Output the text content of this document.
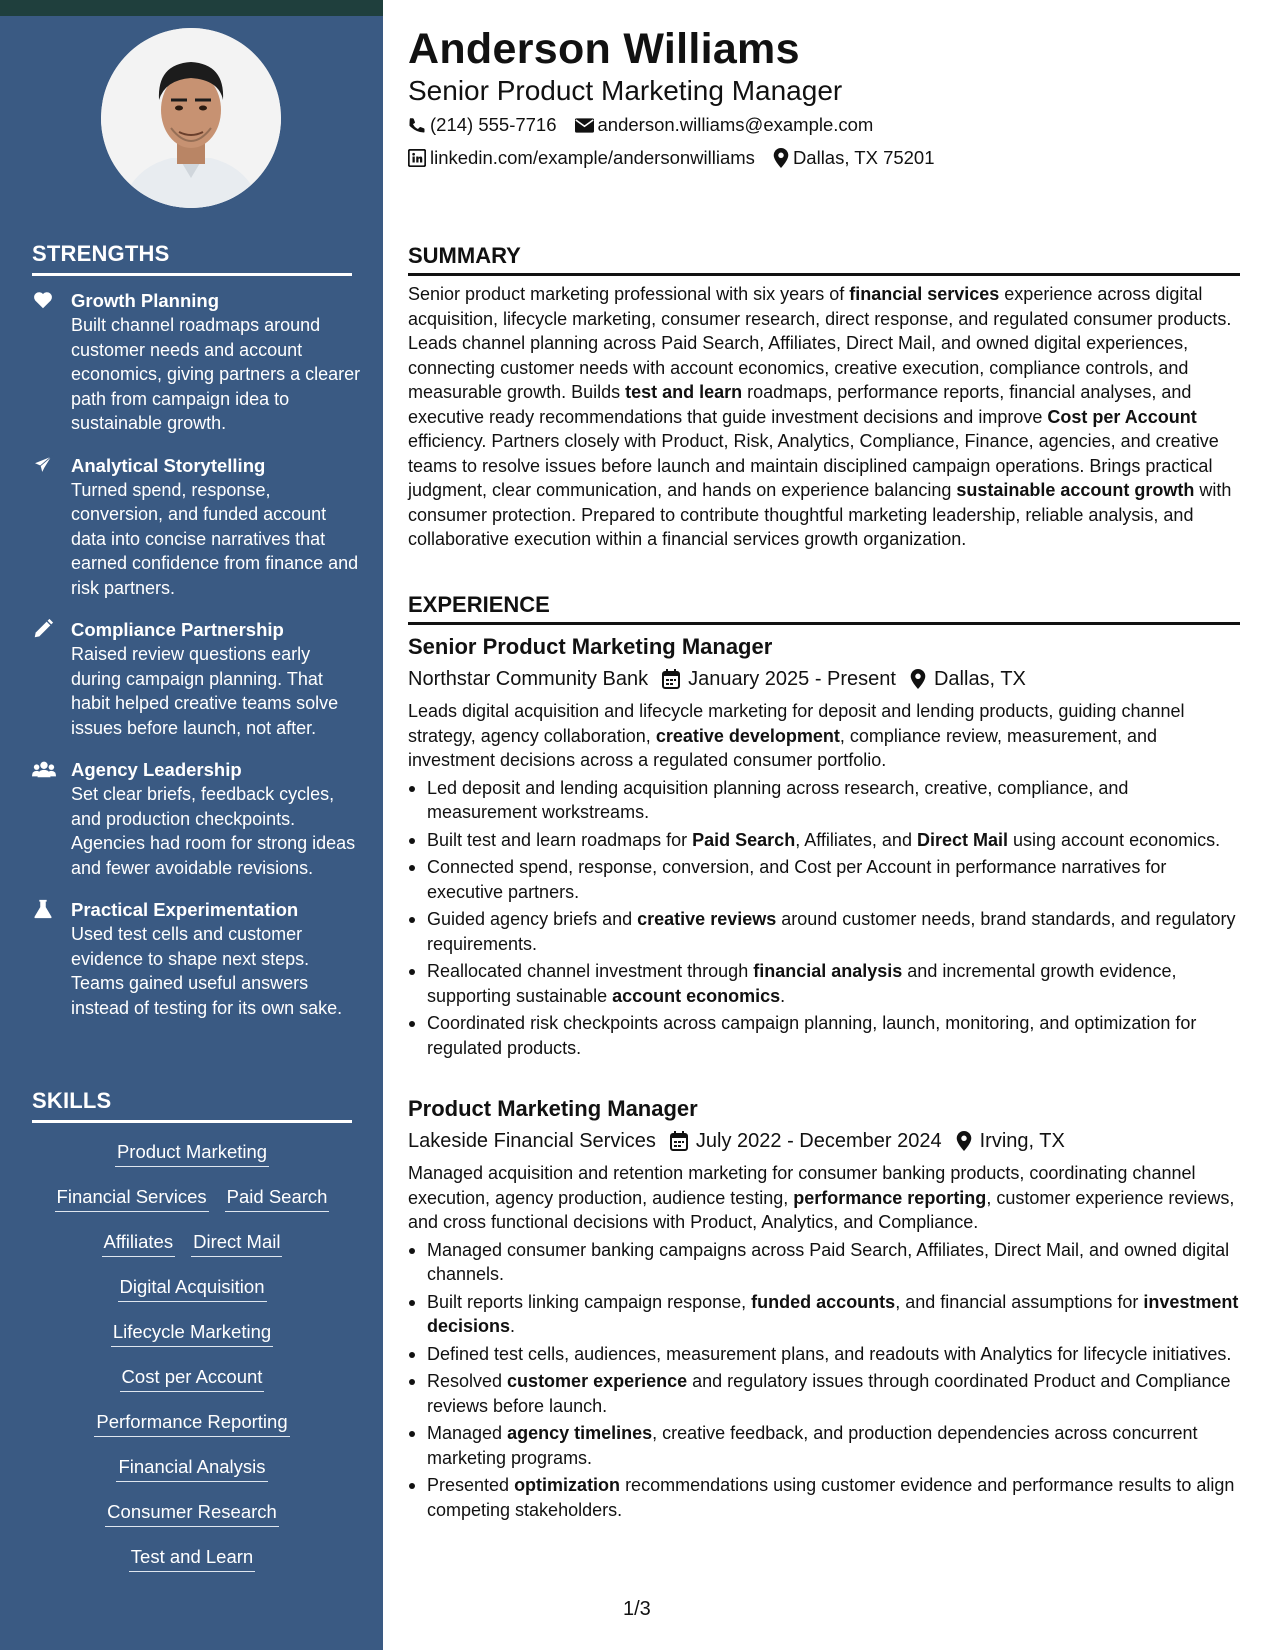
STRENGTHS
Growth Planning
Built channel roadmaps around customer needs and account economics, giving partners a clearer path from campaign idea to sustainable growth.
Analytical Storytelling
Turned spend, response, conversion, and funded account data into concise narratives that earned confidence from finance and risk partners.
Compliance Partnership
Raised review questions early during campaign planning. That habit helped creative teams solve issues before launch, not after.
Agency Leadership
Set clear briefs, feedback cycles, and production checkpoints. Agencies had room for strong ideas and fewer avoidable revisions.
Practical Experimentation
Used test cells and customer evidence to shape next steps. Teams gained useful answers instead of testing for its own sake.
SKILLS
Product Marketing
Financial Services Paid Search
Affiliates Direct Mail
Digital Acquisition
Lifecycle Marketing
Cost per Account
Performance Reporting
Financial Analysis
Consumer Research
Test and Learn
Anderson Williams
Senior Product Marketing Manager
(214) 555-7716 anderson.williams@example.com
linkedin.com/example/andersonwilliams Dallas, TX 75201
SUMMARY
Senior product marketing professional with six years of financial services experience across digital acquisition, lifecycle marketing, consumer research, direct response, and regulated consumer products. Leads channel planning across Paid Search, Affiliates, Direct Mail, and owned digital experiences, connecting customer needs with account economics, creative execution, compliance controls, and measurable growth. Builds test and learn roadmaps, performance reports, financial analyses, and executive ready recommendations that guide investment decisions and improve Cost per Account efficiency. Partners closely with Product, Risk, Analytics, Compliance, Finance, agencies, and creative teams to resolve issues before launch and maintain disciplined campaign operations. Brings practical judgment, clear communication, and hands on experience balancing sustainable account growth with consumer protection. Prepared to contribute thoughtful marketing leadership, reliable analysis, and collaborative execution within a financial services growth organization.
EXPERIENCE
Senior Product Marketing Manager
Northstar Community Bank January 2025 - Present Dallas, TX
Leads digital acquisition and lifecycle marketing for deposit and lending products, guiding channel strategy, agency collaboration, creative development, compliance review, measurement, and investment decisions across a regulated consumer portfolio.
Led deposit and lending acquisition planning across research, creative, compliance, and measurement workstreams.
Built test and learn roadmaps for Paid Search, Affiliates, and Direct Mail using account economics.
Connected spend, response, conversion, and Cost per Account in performance narratives for executive partners.
Guided agency briefs and creative reviews around customer needs, brand standards, and regulatory requirements.
Reallocated channel investment through financial analysis and incremental growth evidence, supporting sustainable account economics.
Coordinated risk checkpoints across campaign planning, launch, monitoring, and optimization for regulated products.
Product Marketing Manager
Lakeside Financial Services July 2022 - December 2024 Irving, TX
Managed acquisition and retention marketing for consumer banking products, coordinating channel execution, agency production, audience testing, performance reporting, customer experience reviews, and cross functional decisions with Product, Analytics, and Compliance.
Managed consumer banking campaigns across Paid Search, Affiliates, Direct Mail, and owned digital channels.
Built reports linking campaign response, funded accounts, and financial assumptions for investment decisions.
Defined test cells, audiences, measurement plans, and readouts with Analytics for lifecycle initiatives.
Resolved customer experience and regulatory issues through coordinated Product and Compliance reviews before launch.
Managed agency timelines, creative feedback, and production dependencies across concurrent marketing programs.
Presented optimization recommendations using customer evidence and performance results to align competing stakeholders.
1/3
